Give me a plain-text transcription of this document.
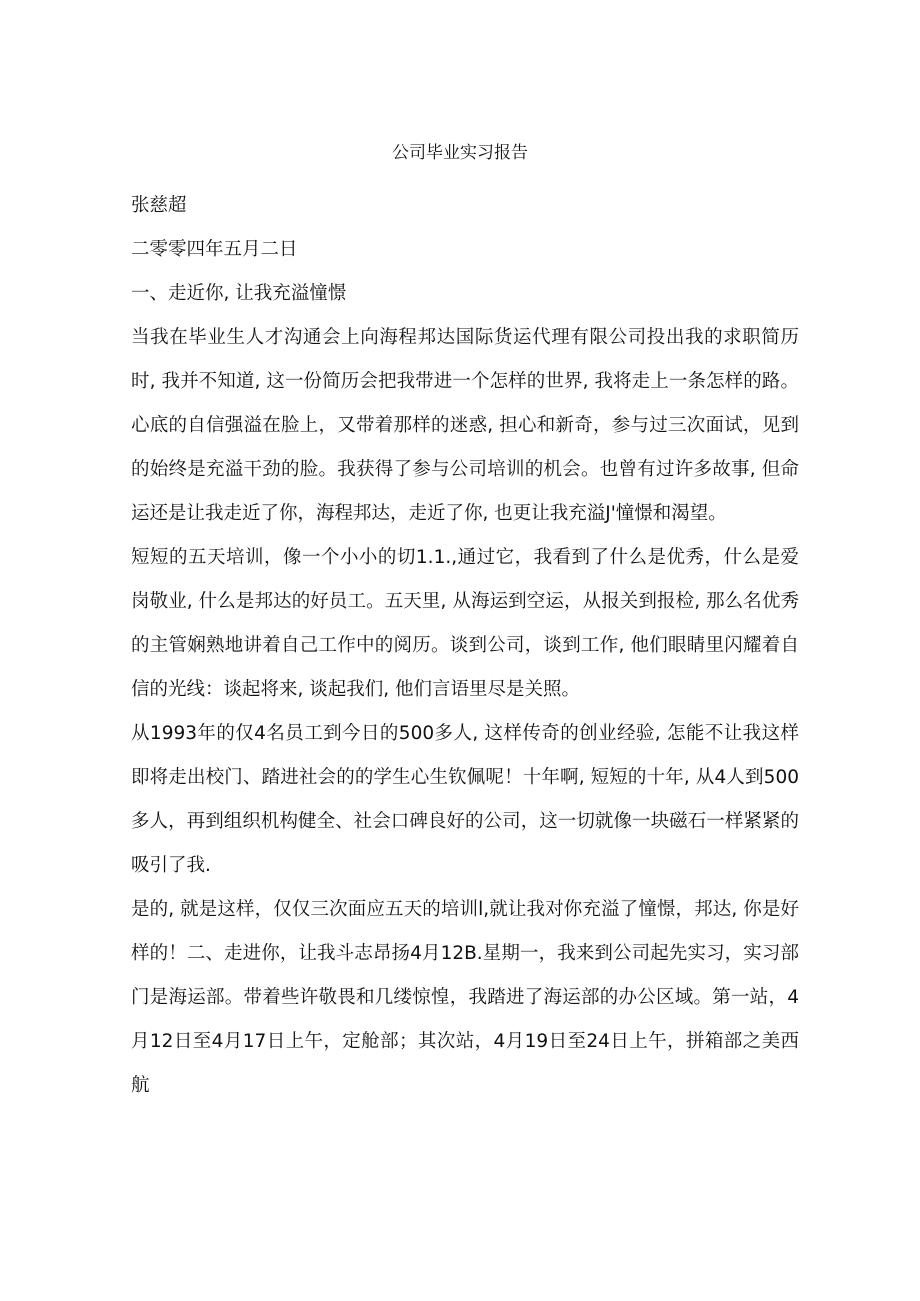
公司毕业实习报告

张慈超

二零零四年五月二日

一、走近你, 让我充溢憧憬

当我在毕业生人才沟通会上向海程邦达国际货运代理有限公司投出我的求职简历时, 我并不知道, 这一份简历会把我带进一个怎样的世界, 我将走上一条怎样的路。心底的自信强溢在脸上，又带着那样的迷惑, 担心和新奇，参与过三次面试，见到的始终是充溢干劲的脸。我获得了参与公司培训的机会。也曾有过许多故事, 但命运还是让我走近了你，海程邦达，走近了你, 也更让我充溢J'憧憬和渴望。

短短的五天培训，像一个小小的切1.1.,通过它，我看到了什么是优秀，什么是爱岗敬业, 什么是邦达的好员工。五天里, 从海运到空运，从报关到报检, 那么名优秀的主管娴熟地讲着自己工作中的阅历。谈到公司，谈到工作, 他们眼睛里闪耀着自信的光线：谈起将来, 谈起我们, 他们言语里尽是关照。

从1993年的仅4名员工到今日的500多人, 这样传奇的创业经验, 怎能不让我这样即将走出校门、踏进社会的的学生心生钦佩呢！十年啊, 短短的十年, 从4人到500多人，再到组织机构健全、社会口碑良好的公司，这一切就像一块磁石一样紧紧的吸引了我.

是的, 就是这样，仅仅三次面应五天的培训l,就让我对你充溢了憧憬，邦达, 你是好样的！二、走进你，让我斗志昂扬4月12B.星期一，我来到公司起先实习，实习部门是海运部。带着些许敬畏和几缕惊惶，我踏进了海运部的办公区域。第一站，4月12日至4月17日上午，定舱部；其次站，4月19日至24日上午，拼箱部之美西航
